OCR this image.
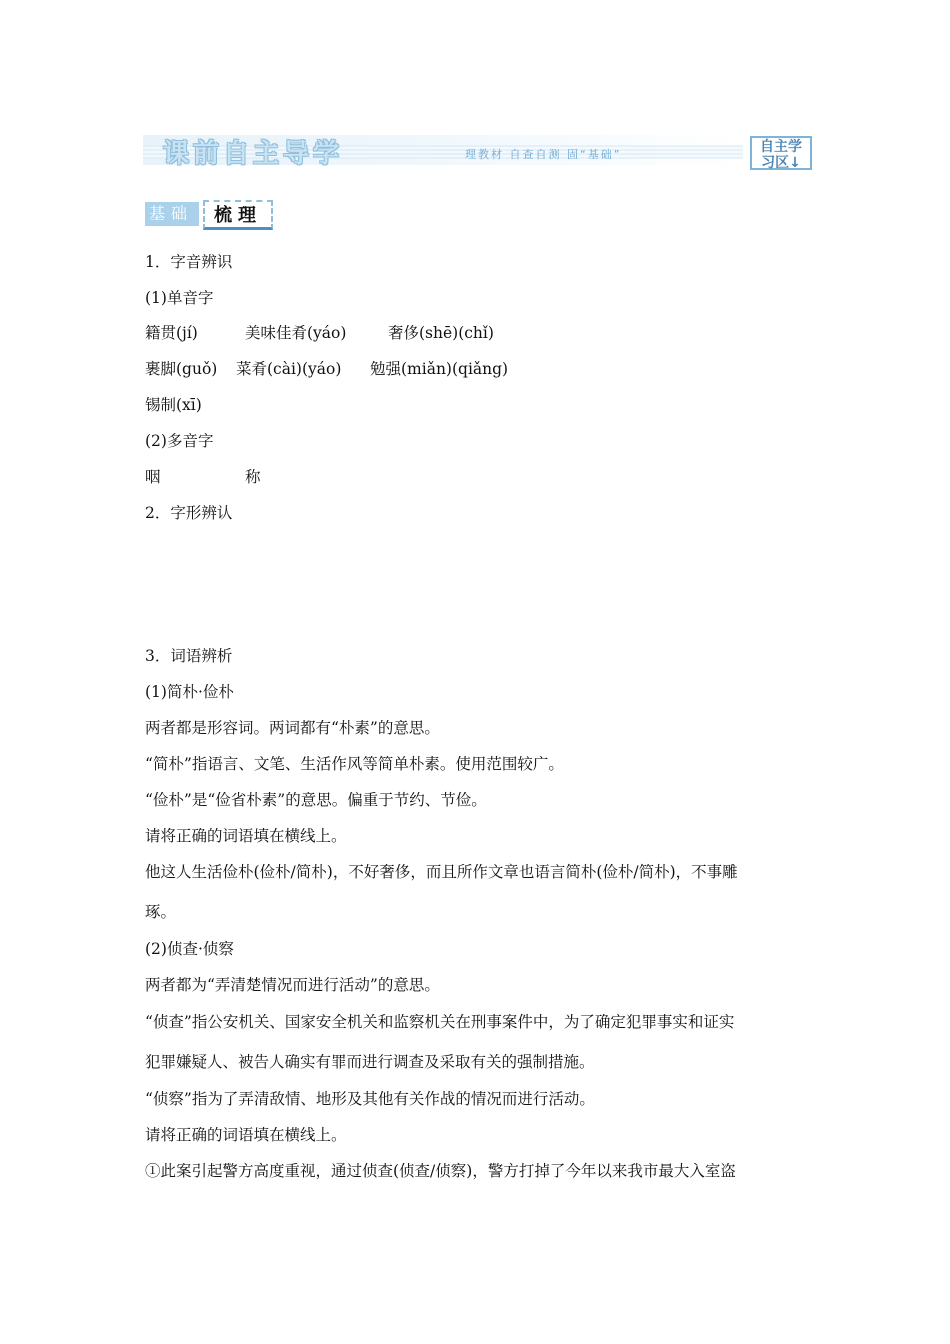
课前自主导学	理教材 自查自测 固“基础”	自主学
习区↓
基础	梳理
1．字音辨识
(1)单音字
籍贯(jí)	美味佳肴(yáo)	奢侈(shē)(chǐ)
裹脚(guǒ) 菜肴(cài)(yáo) 勉强(miǎn)(qiǎng)
锡制(xī)
(2)多音字
咽	称
2．字形辨认
3．词语辨析
(1)简朴·俭朴
两者都是形容词。两词都有“朴素”的意思。
“简朴”指语言、文笔、生活作风等简单朴素。使用范围较广。
“俭朴”是“俭省朴素”的意思。偏重于节约、节俭。
请将正确的词语填在横线上。
他这人生活俭朴(俭朴/简朴)，不好奢侈，而且所作文章也语言简朴(俭朴/简朴)，不事雕
琢。
(2)侦查·侦察
两者都为“弄清楚情况而进行活动”的意思。
“侦查”指公安机关、国家安全机关和监察机关在刑事案件中，为了确定犯罪事实和证实
犯罪嫌疑人、被告人确实有罪而进行调查及采取有关的强制措施。
“侦察”指为了弄清敌情、地形及其他有关作战的情况而进行活动。
请将正确的词语填在横线上。
①此案引起警方高度重视，通过侦查(侦查/侦察)，警方打掉了今年以来我市最大入室盗
